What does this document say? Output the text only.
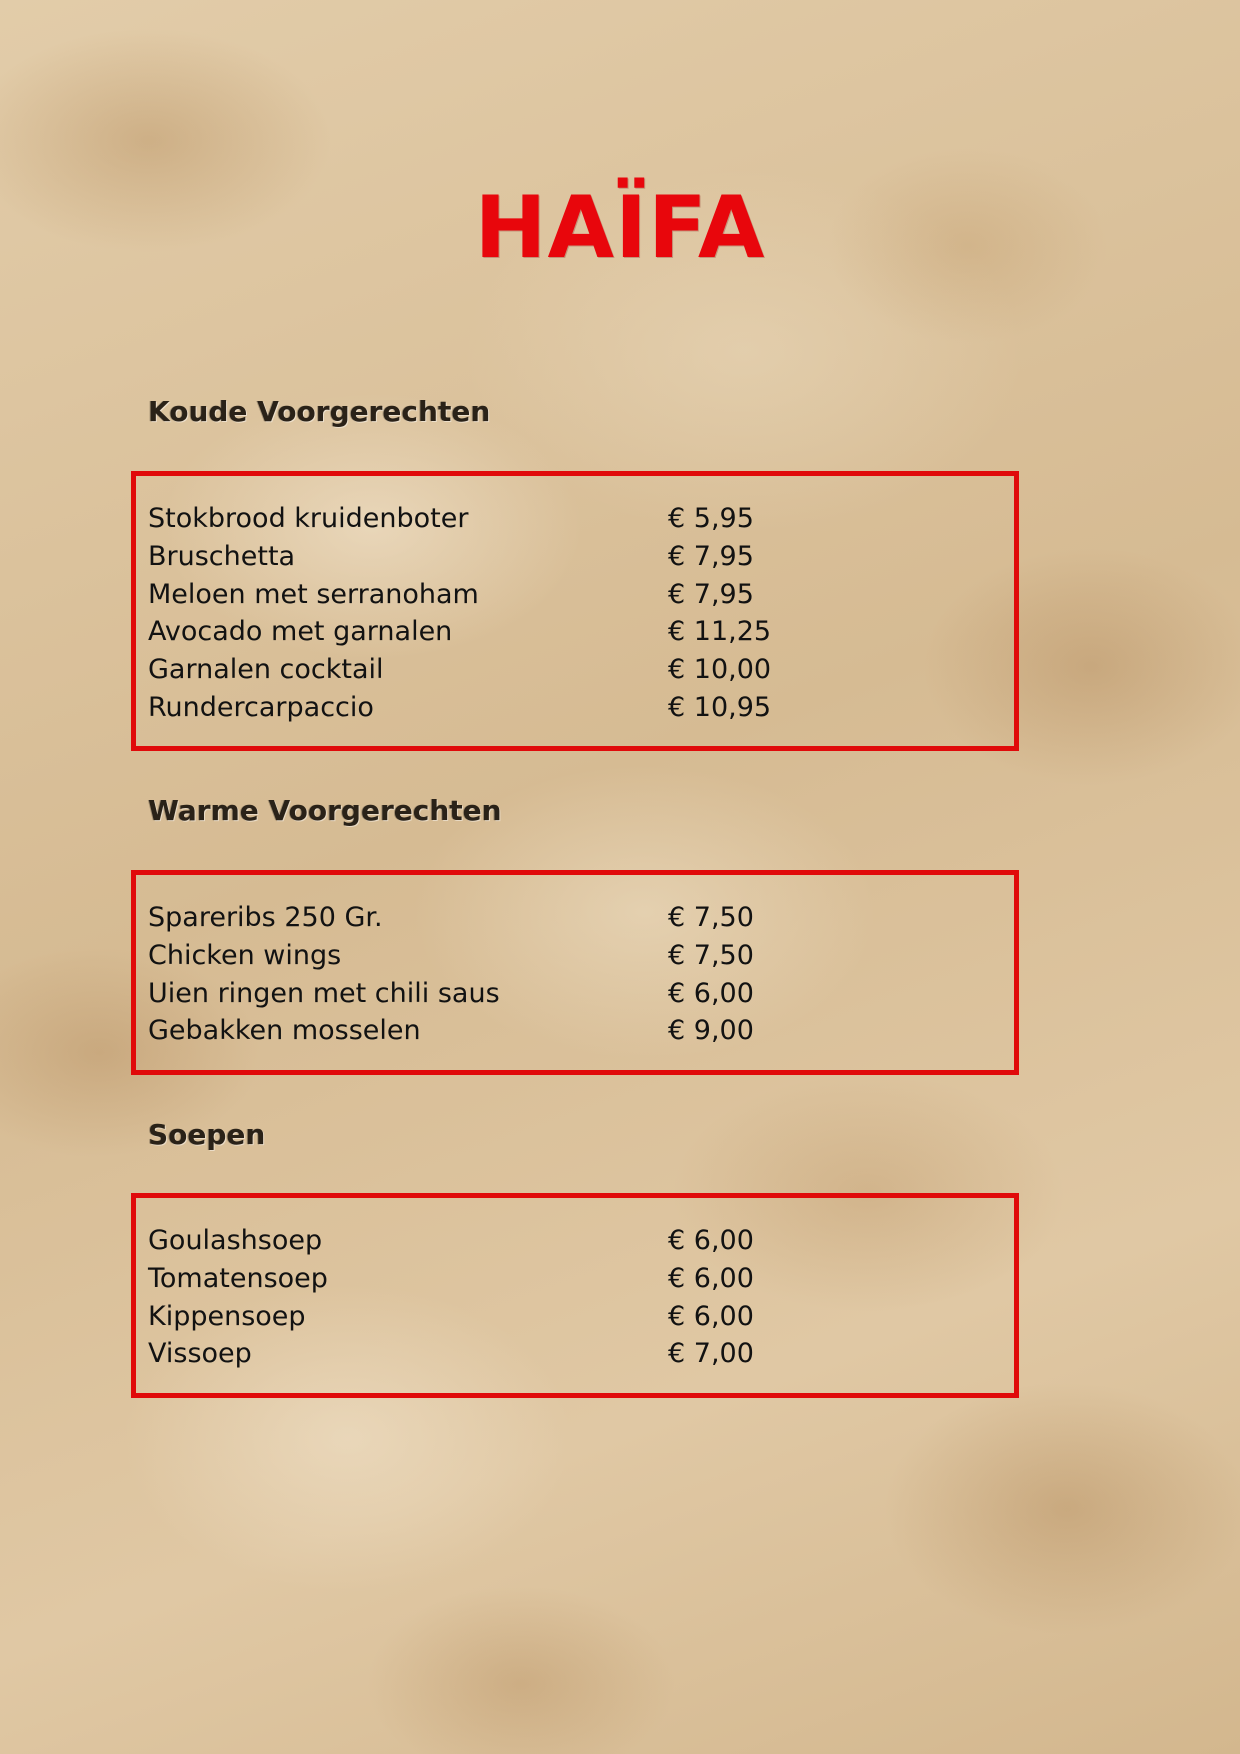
HAÏFA
Koude Voorgerechten
Stokbrood kruidenboter	€ 5,95
Bruschetta	€ 7,95
Meloen met serranoham	€ 7,95
Avocado met garnalen	€ 11,25
Garnalen cocktail	€ 10,00
Rundercarpaccio	€ 10,95
Warme Voorgerechten
Spareribs 250 Gr.	€ 7,50
Chicken wings	€ 7,50
Uien ringen met chili saus	€ 6,00
Gebakken mosselen	€ 9,00
Soepen
Goulashsoep	€ 6,00
Tomatensoep	€ 6,00
Kippensoep	€ 6,00
Vissoep	€ 7,00
